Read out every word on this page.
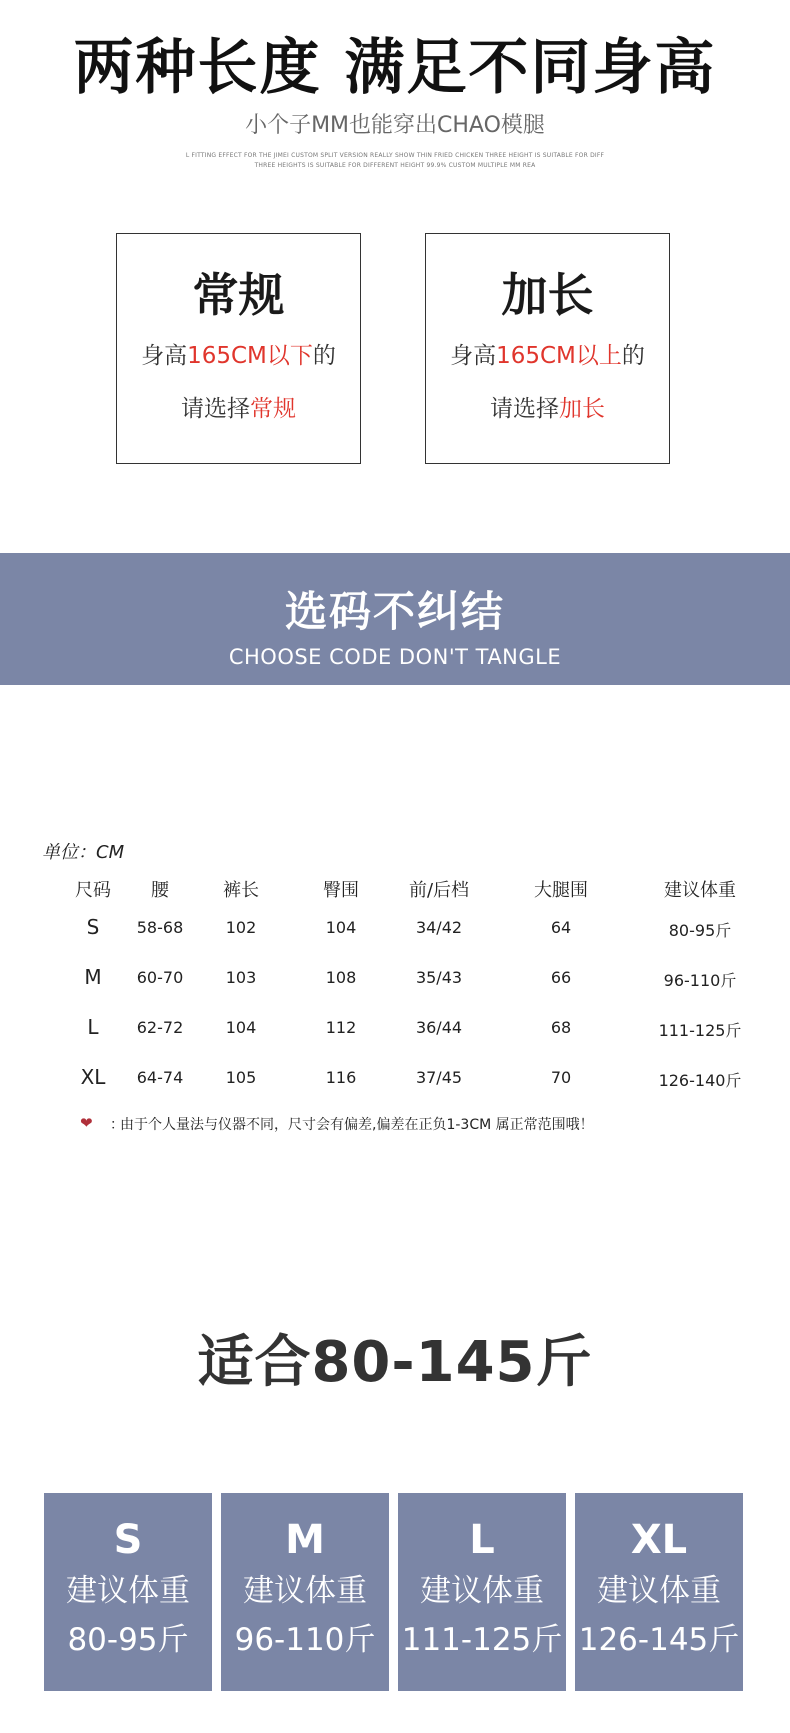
两种长度 满足不同身高
小个子MM也能穿出CHAO模腿
L FITTING EFFECT FOR THE JIMEI CUSTOM SPLIT VERSION REALLY SHOW THIN FRIED CHICKEN THREE HEIGHT IS SUITABLE FOR DIFF
THREE HEIGHTS IS SUITABLE FOR DIFFERENT HEIGHT 99.9% CUSTOM MULTIPLE MM REA
常规
身高165CM以下的
请选择常规
加长
身高165CM以上的
请选择加长
选码不纠结
CHOOSE CODE DON'T TANGLE
单位：CM
尺码 腰	裤长	臀围	前/后档	大腿围	建议体重
S 58-68	102	104	34/42	64	80-95斤
M 60-70	103	108	35/43	66	96-110斤
L 62-72	104	112	36/44	68	111-125斤
XL 64-74	105	116	37/45	70	126-140斤
❤ ：
由于个人量法与仪器不同，尺寸会有偏差,偏差在正负1-3CM 属正常范围哦！
适合80-145斤
S
建议体重
80-95斤
M
建议体重
96-110斤
L
建议体重
111-125斤
XL
建议体重
126-145斤
